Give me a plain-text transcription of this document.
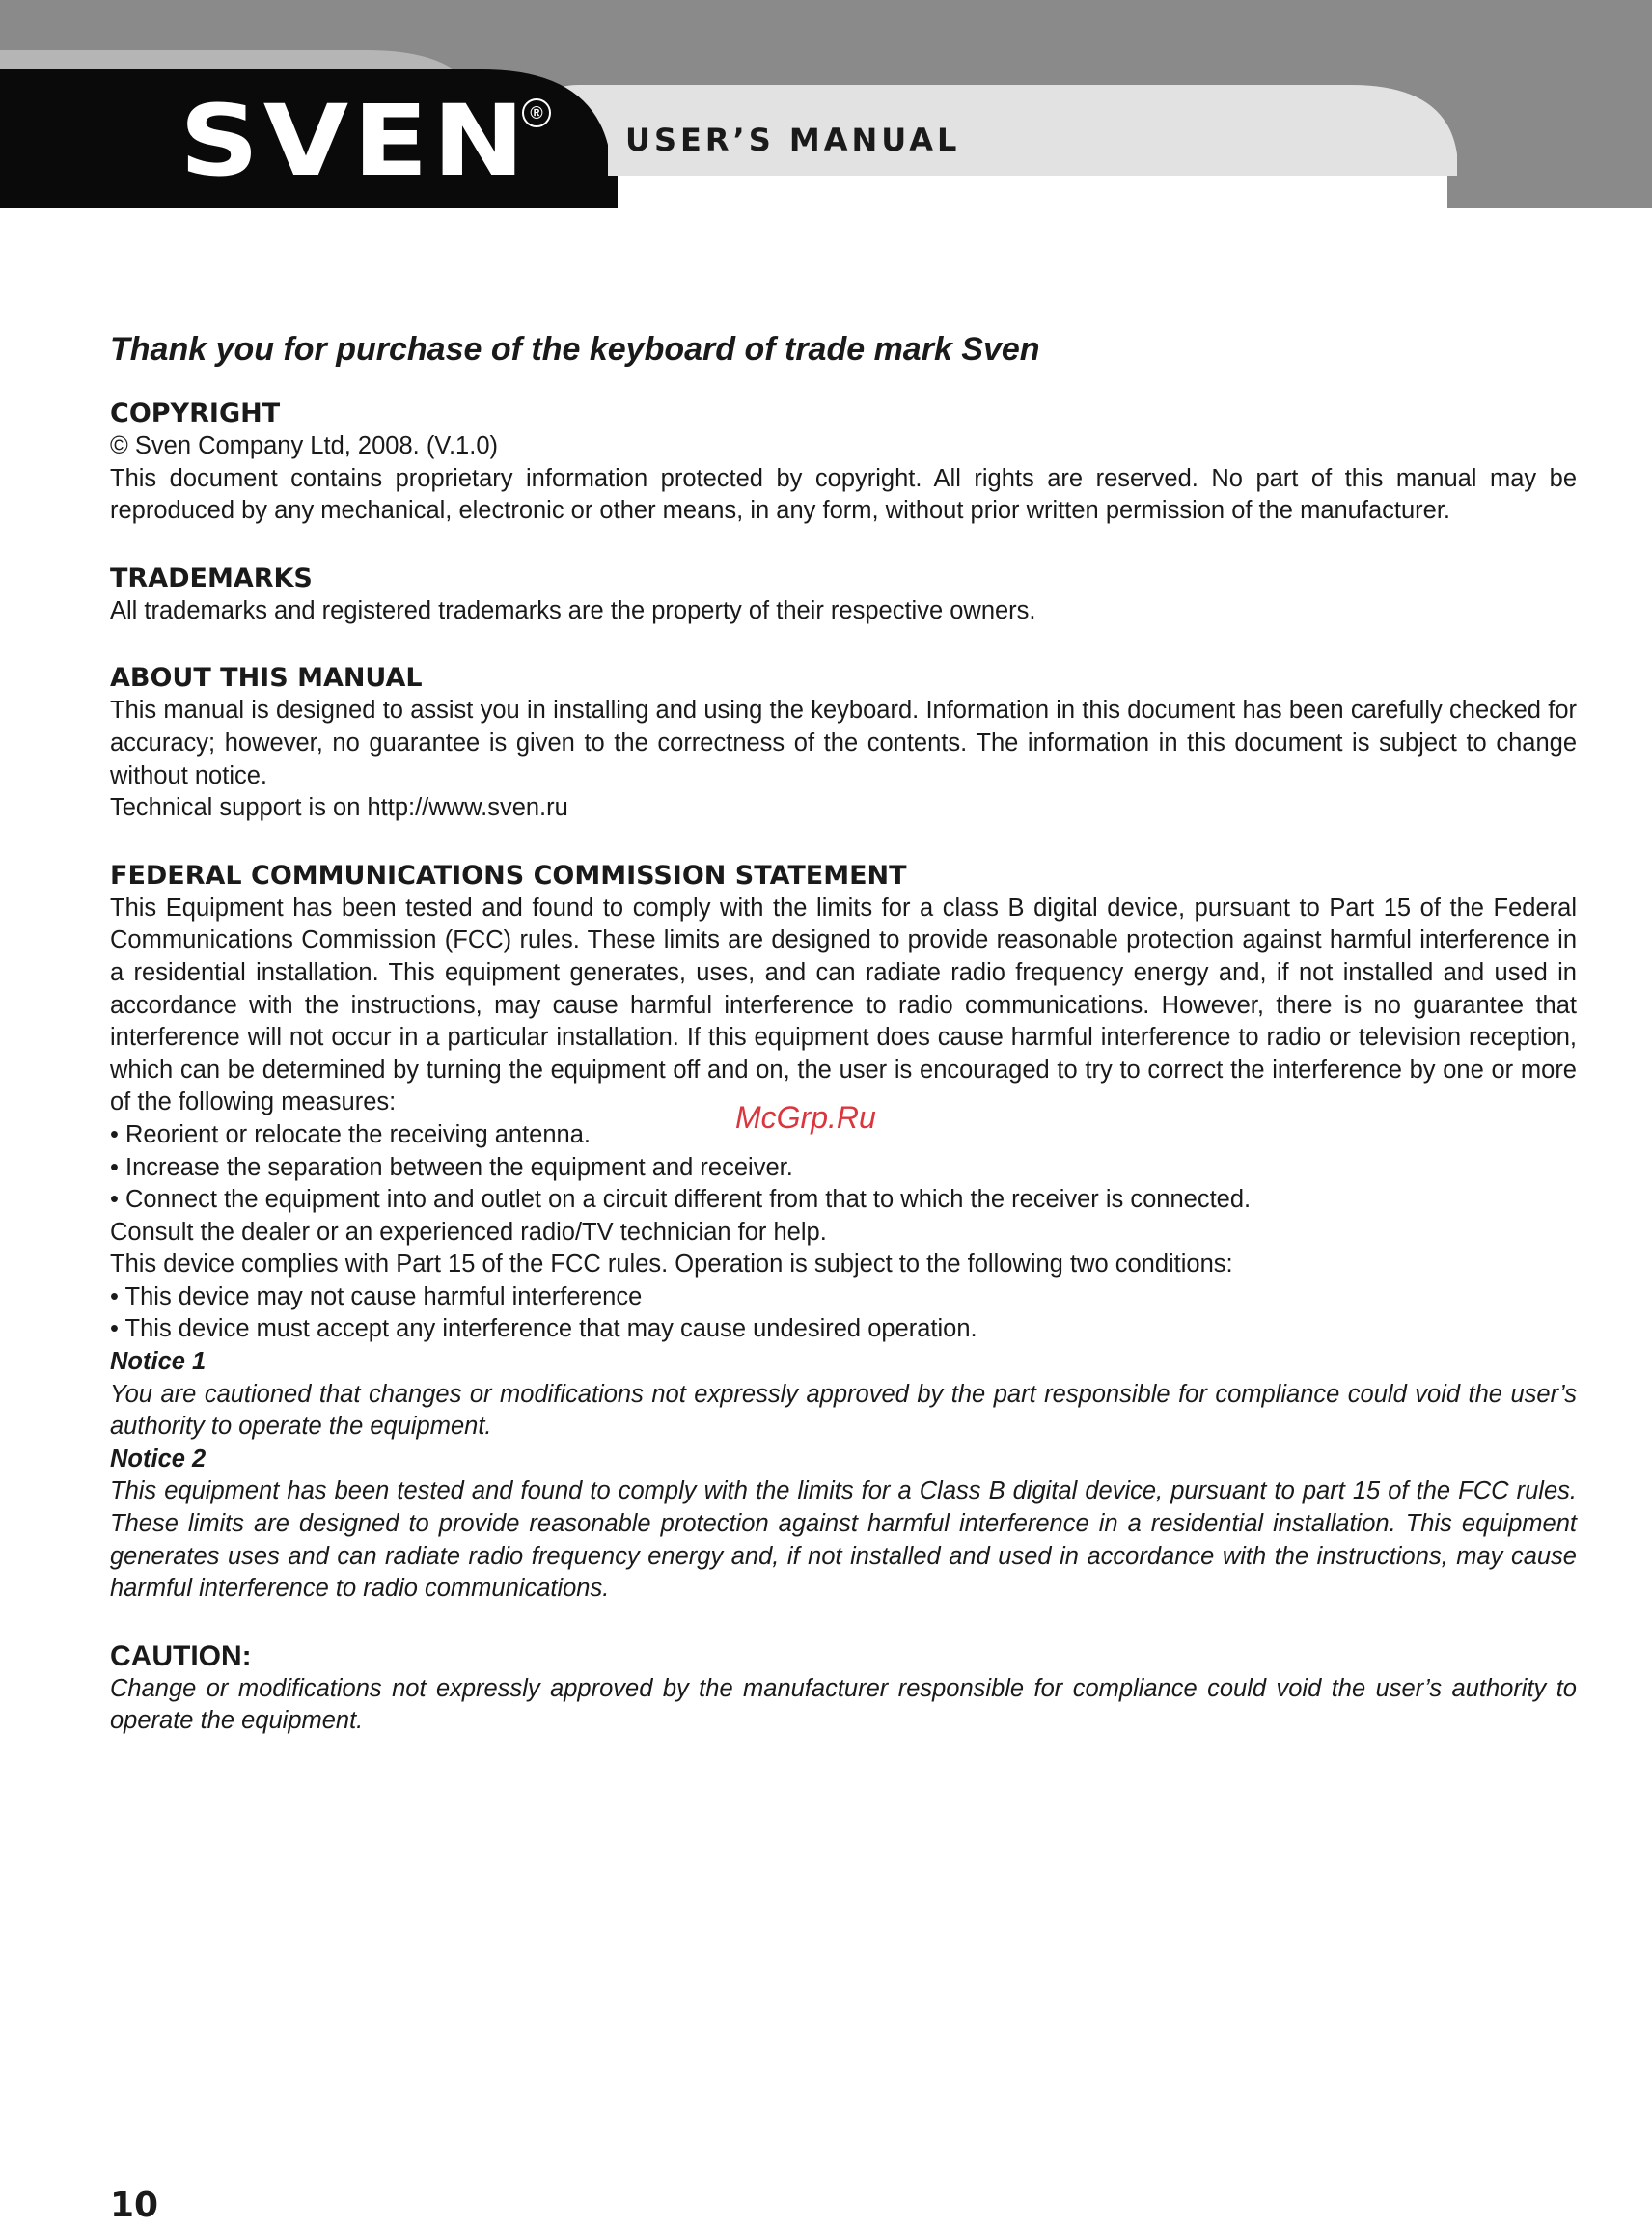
SVEN ®
USER’S MANUAL

Thank you for purchase of the keyboard of trade mark Sven

COPYRIGHT

© Sven Company Ltd, 2008. (V.1.0)

This document contains proprietary information protected by copyright. All rights are reserved. No part of this manual may be reproduced by any mechanical, electronic or other means, in any form, without prior written permission of the manufacturer.

TRADEMARKS

All trademarks and registered trademarks are the property of their respective owners.

ABOUT THIS MANUAL

This manual is designed to assist you in installing and using the keyboard. Information in this document has been carefully checked for accuracy; however, no guarantee is given to the correctness of the contents. The information in this document is subject to change without notice.

Technical support is on http://www.sven.ru

FEDERAL COMMUNICATIONS COMMISSION STATEMENT

This Equipment has been tested and found to comply with the limits for a class B digital device, pursuant to Part 15 of the Federal Communications Commission (FCC) rules. These limits are designed to provide reasonable protection against harmful interference in a residential installation. This equipment generates, uses, and can radiate radio frequency energy and, if not installed and used in accordance with the instructions, may cause harmful interference to radio communications. However, there is no guarantee that interference will not occur in a particular installation. If this equipment does cause harmful interference to radio or television reception, which can be determined by turning the equipment off and on, the user is encouraged to try to correct the interference by one or more of the following measures:

• Reorient or relocate the receiving antenna.

• Increase the separation between the equipment and receiver.

• Connect the equipment into and outlet on a circuit different from that to which the receiver is connected.

Consult the dealer or an experienced radio/TV technician for help.

This device complies with Part 15 of the FCC rules. Operation is subject to the following two conditions:

• This device may not cause harmful interference

• This device must accept any interference that may cause undesired operation.

Notice 1

You are cautioned that changes or modifications not expressly approved by the part responsible for compliance could void the user’s authority to operate the equipment.

Notice 2

This equipment has been tested and found to comply with the limits for a Class B digital device, pursuant to part 15 of the FCC rules. These limits are designed to provide reasonable protection against harmful interference in a residential installation. This equipment generates uses and can radiate radio frequency energy and, if not installed and used in accordance with the instructions, may cause harmful interference to radio communications.

CAUTION:

Change or modifications not expressly approved by the manufacturer responsible for compliance could void the user’s authority to operate the equipment.

McGrp.Ru
10
